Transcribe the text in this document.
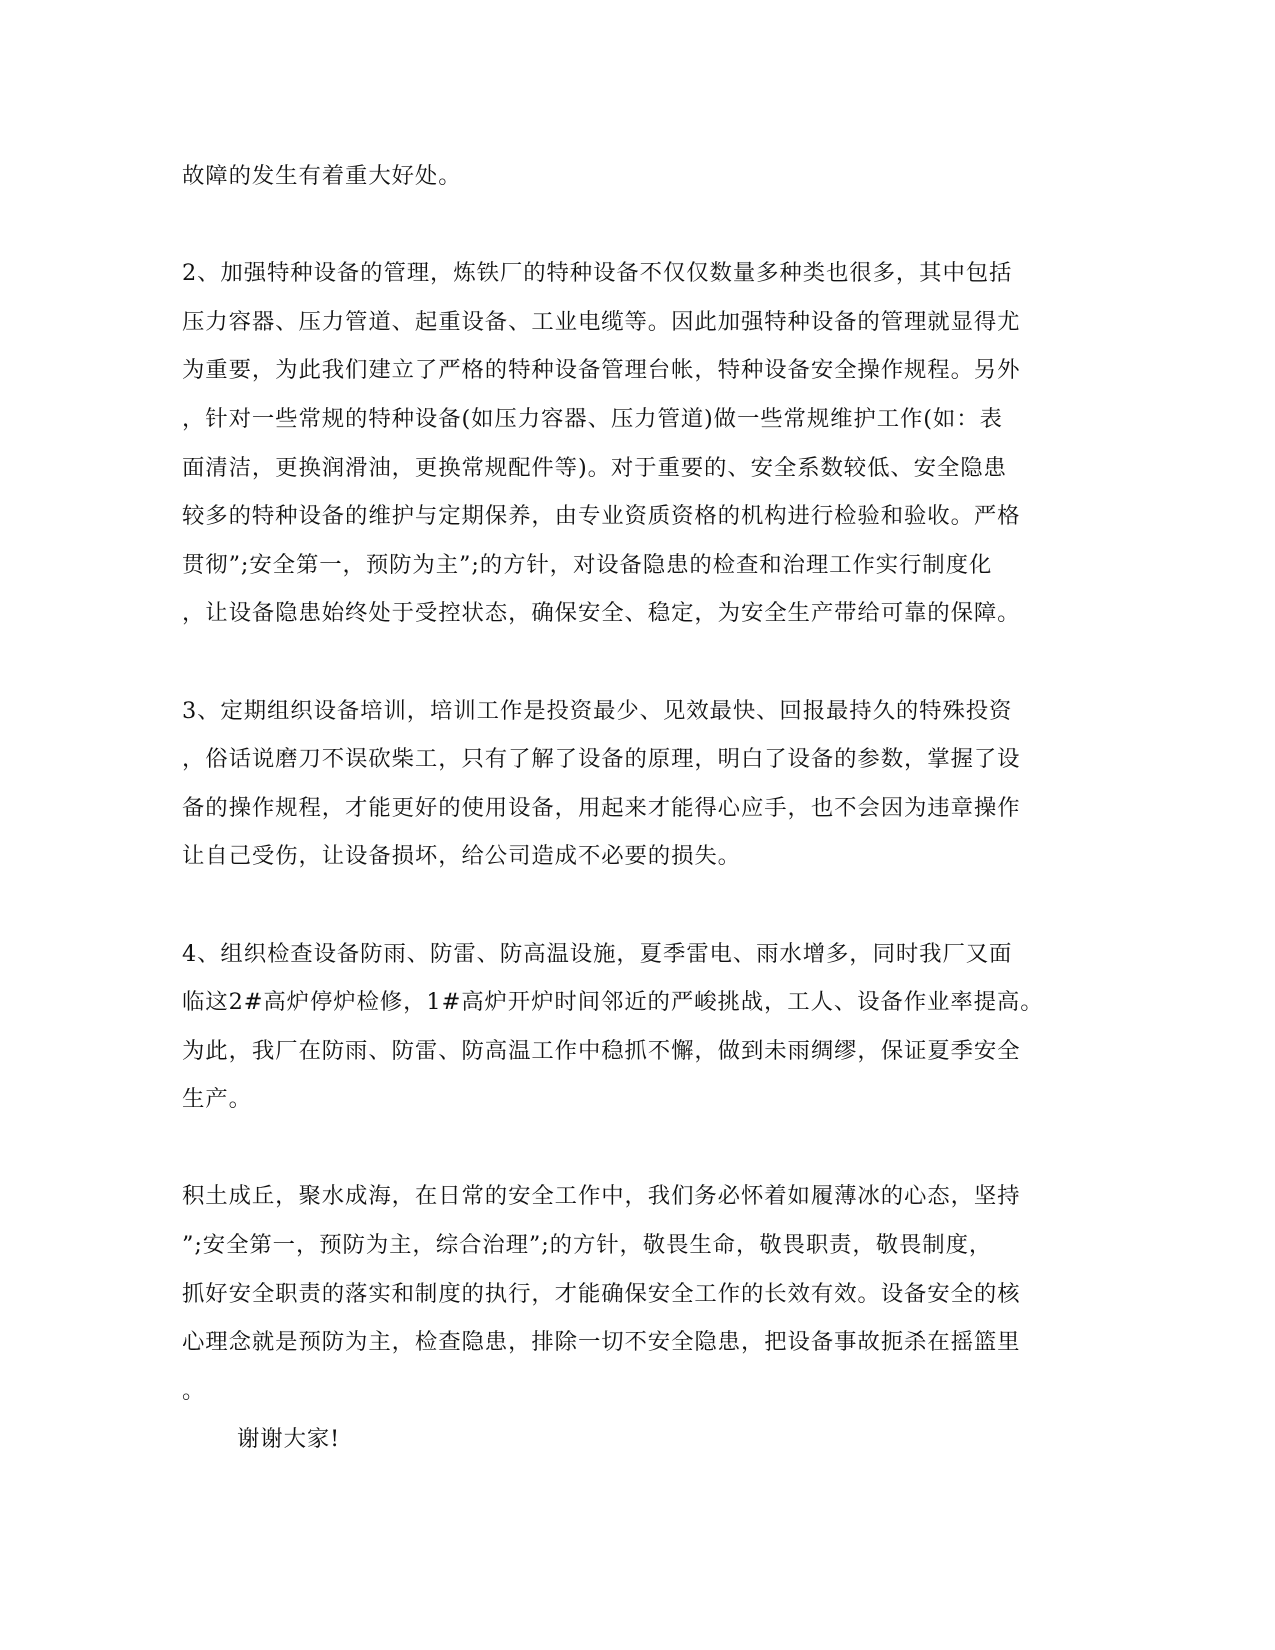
故障的发生有着重大好处。
2、加强特种设备的管理，炼铁厂的特种设备不仅仅数量多种类也很多，其中包括
压力容器、压力管道、起重设备、工业电缆等。因此加强特种设备的管理就显得尤
为重要，为此我们建立了严格的特种设备管理台帐，特种设备安全操作规程。另外
，针对一些常规的特种设备(如压力容器、压力管道)做一些常规维护工作(如：表
面清洁，更换润滑油，更换常规配件等)。对于重要的、安全系数较低、安全隐患
较多的特种设备的维护与定期保养，由专业资质资格的机构进行检验和验收。严格
贯彻”;安全第一，预防为主”;的方针，对设备隐患的检查和治理工作实行制度化
，让设备隐患始终处于受控状态，确保安全、稳定，为安全生产带给可靠的保障。
3、定期组织设备培训，培训工作是投资最少、见效最快、回报最持久的特殊投资
，俗话说磨刀不误砍柴工，只有了解了设备的原理，明白了设备的参数，掌握了设
备的操作规程，才能更好的使用设备，用起来才能得心应手，也不会因为违章操作
让自己受伤，让设备损坏，给公司造成不必要的损失。
4、组织检查设备防雨、防雷、防高温设施，夏季雷电、雨水增多，同时我厂又面
临这2#高炉停炉检修，1#高炉开炉时间邻近的严峻挑战，工人、设备作业率提高。
为此，我厂在防雨、防雷、防高温工作中稳抓不懈，做到未雨绸缪，保证夏季安全
生产。
积土成丘，聚水成海，在日常的安全工作中，我们务必怀着如履薄冰的心态，坚持
”;安全第一，预防为主，综合治理”;的方针，敬畏生命，敬畏职责，敬畏制度，
抓好安全职责的落实和制度的执行，才能确保安全工作的长效有效。设备安全的核
心理念就是预防为主，检查隐患，排除一切不安全隐患，把设备事故扼杀在摇篮里
。
谢谢大家!
